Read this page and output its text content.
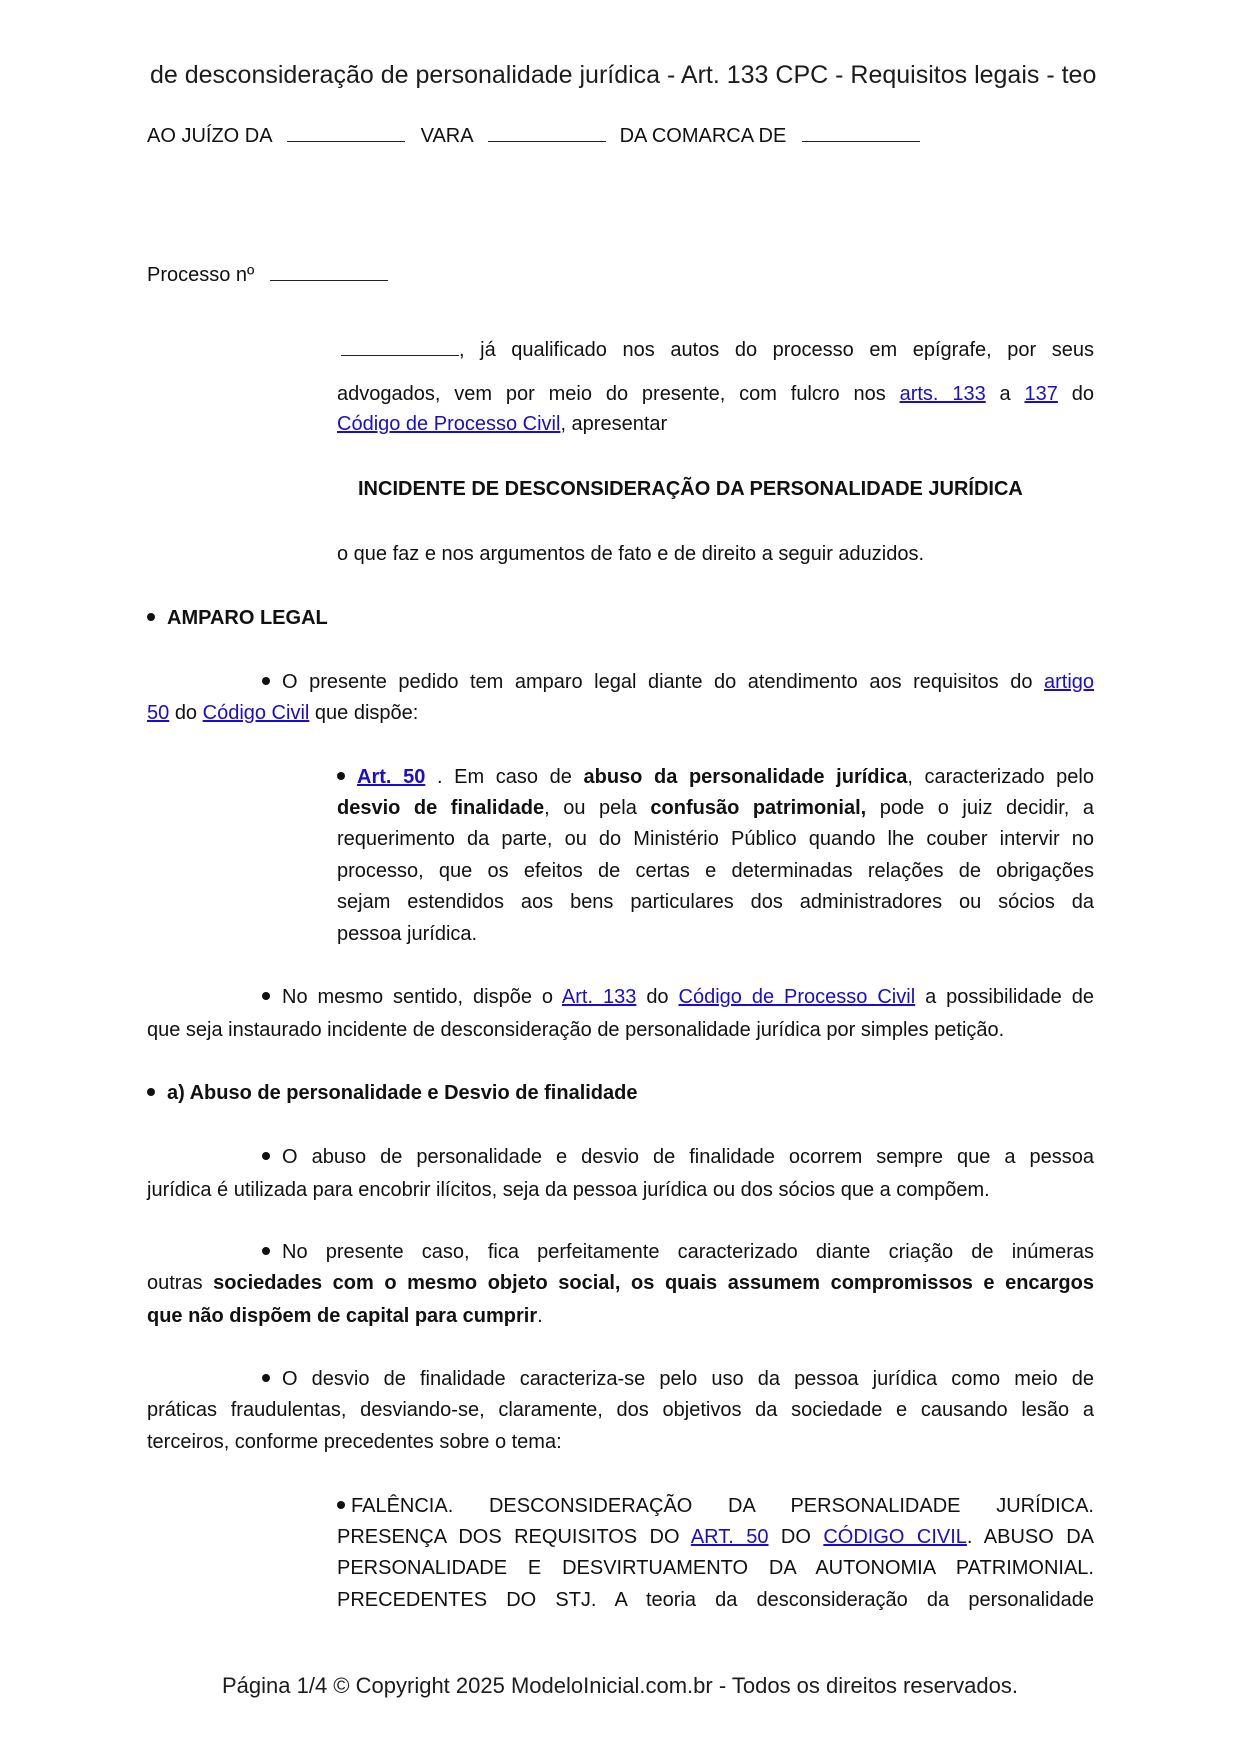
de desconsideração de personalidade jurídica - Art. 133 CPC - Requisitos legais - teo
AO JUÍZO DA	VARA	DA COMARCA DE
Processo nº
, já qualificado nos autos do processo em epígrafe, por seus
advogados, vem por meio do presente, com fulcro nos arts. 133 a 137 do
Código de Processo Civil, apresentar
INCIDENTE DE DESCONSIDERAÇÃO DA PERSONALIDADE JURÍDICA
o que faz e nos argumentos de fato e de direito a seguir aduzidos.
AMPARO LEGAL
O presente pedido tem amparo legal diante do atendimento aos requisitos do artigo
50 do Código Civil que dispõe:
Art. 50 . Em caso de abuso da personalidade jurídica, caracterizado pelo
desvio de finalidade, ou pela confusão patrimonial, pode o juiz decidir, a
requerimento da parte, ou do Ministério Público quando lhe couber intervir no
processo, que os efeitos de certas e determinadas relações de obrigações
sejam estendidos aos bens particulares dos administradores ou sócios da
pessoa jurídica.
No mesmo sentido, dispõe o Art. 133 do Código de Processo Civil a possibilidade de
que seja instaurado incidente de desconsideração de personalidade jurídica por simples petição.
a) Abuso de personalidade e Desvio de finalidade
O abuso de personalidade e desvio de finalidade ocorrem sempre que a pessoa
jurídica é utilizada para encobrir ilícitos, seja da pessoa jurídica ou dos sócios que a compõem.
No presente caso, fica perfeitamente caracterizado diante criação de inúmeras
outras sociedades com o mesmo objeto social, os quais assumem compromissos e encargos
que não dispõem de capital para cumprir.
O desvio de finalidade caracteriza-se pelo uso da pessoa jurídica como meio de
práticas fraudulentas, desviando-se, claramente, dos objetivos da sociedade e causando lesão a
terceiros, conforme precedentes sobre o tema:
FALÊNCIA. DESCONSIDERAÇÃO DA PERSONALIDADE JURÍDICA.
PRESENÇA DOS REQUISITOS DO ART. 50 DO CÓDIGO CIVIL. ABUSO DA
PERSONALIDADE E DESVIRTUAMENTO DA AUTONOMIA PATRIMONIAL.
PRECEDENTES DO STJ. A teoria da desconsideração da personalidade
Página 1/4 © Copyright 2025 ModeloInicial.com.br - Todos os direitos reservados.
